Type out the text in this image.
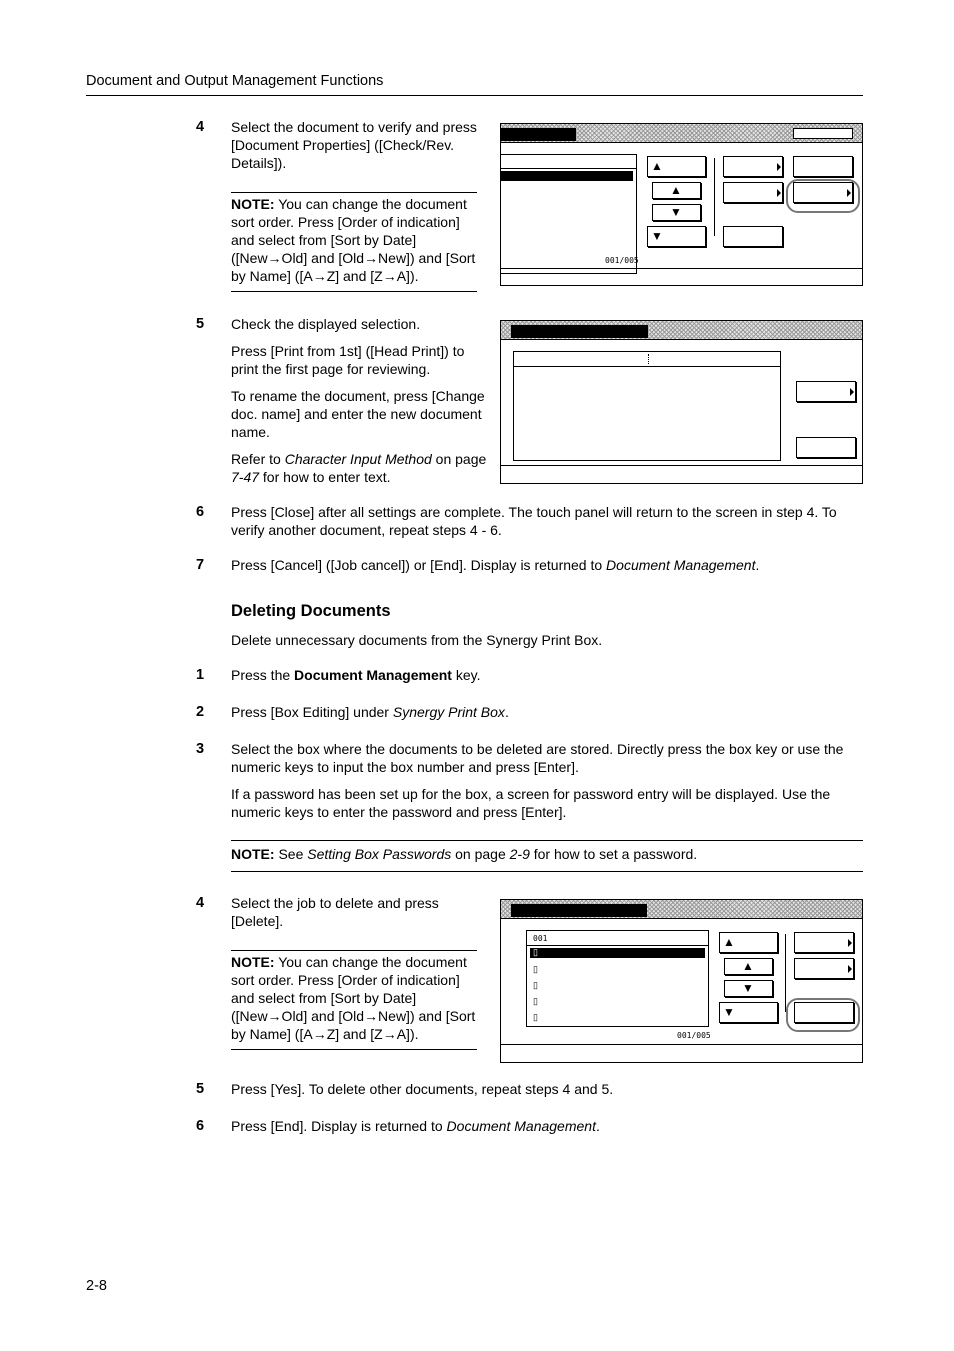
Document and Output Management Functions
4 Select the document to verify and press [Document Properties] ([Check/Rev. Details]).
NOTE: You can change the document sort order. Press [Order of indication] and select from [Sort by Date] ([New→Old] and [Old→New]) and [Sort by Name] ([A→Z] and [Z→A]).
001/005
▲
▲
▼
▼
5 Check the displayed selection.

Press [Print from 1st] ([Head Print]) to print the first page for reviewing.

To rename the document, press [Change doc. name] and enter the new document name.

Refer to Character Input Method on page 7-47 for how to enter text.

6 Press [Close] after all settings are complete. The touch panel will return to the screen in step 4. To verify another document, repeat steps 4 - 6.
7 Press [Cancel] ([Job cancel]) or [End]. Display is returned to Document Management.
Deleting Documents
Delete unnecessary documents from the Synergy Print Box.
1 Press the Document Management key.
2 Press [Box Editing] under Synergy Print Box.
3 Select the box where the documents to be deleted are stored. Directly press the box key or use the numeric keys to input the box number and press [Enter].

If a password has been set up for the box, a screen for password entry will be displayed. Use the numeric keys to enter the password and press [Enter].

NOTE: See Setting Box Passwords on page 2-9 for how to set a password.
4 Select the job to delete and press [Delete].
NOTE: You can change the document sort order. Press [Order of indication] and select from [Sort by Date] ([New→Old] and [Old→New]) and [Sort by Name] ([A→Z] and [Z→A]).
001
▯
▯
▯
▯
▯
001/005
▲
▲
▼
▼
5 Press [Yes]. To delete other documents, repeat steps 4 and 5.
6 Press [End]. Display is returned to Document Management.
2-8
